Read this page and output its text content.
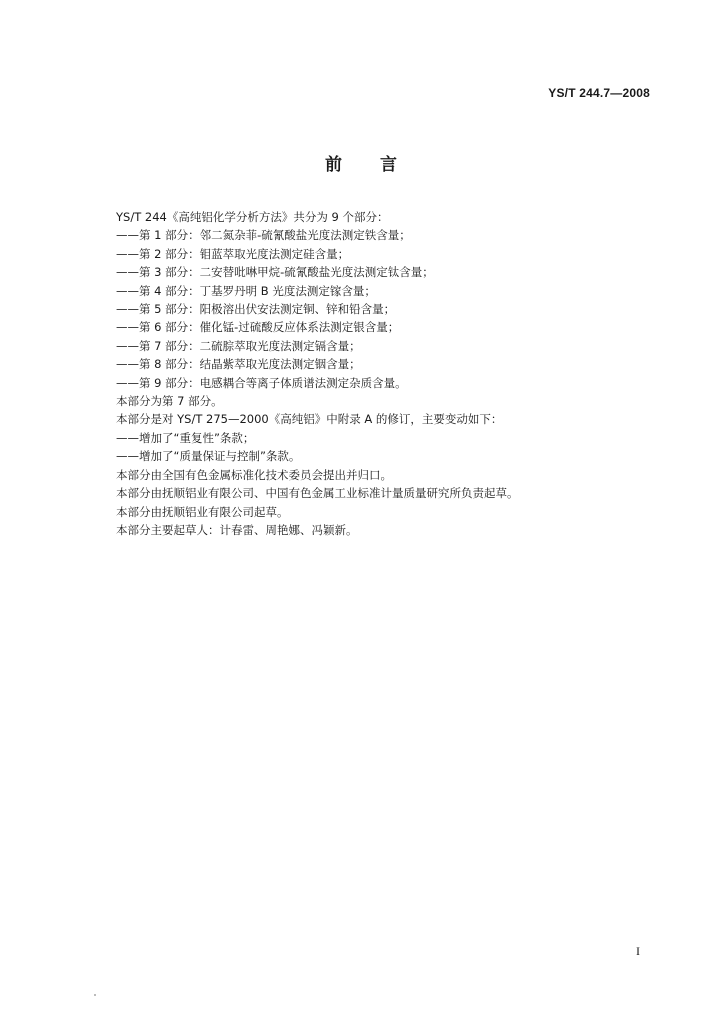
YS/T 244.7—2008
前言
YS/T 244《高纯铝化学分析方法》共分为 9 个部分：
——第 1 部分：邻二氮杂菲-硫氰酸盐光度法测定铁含量；
——第 2 部分：钼蓝萃取光度法测定硅含量；
——第 3 部分：二安替吡啉甲烷-硫氰酸盐光度法测定钛含量；
——第 4 部分：丁基罗丹明 B 光度法测定镓含量；
——第 5 部分：阳极溶出伏安法测定铜、锌和铅含量；
——第 6 部分：催化锰-过硫酸反应体系法测定银含量；
——第 7 部分：二硫腙萃取光度法测定镉含量；
——第 8 部分：结晶紫萃取光度法测定铟含量；
——第 9 部分：电感耦合等离子体质谱法测定杂质含量。
本部分为第 7 部分。
本部分是对 YS/T 275—2000《高纯铝》中附录 A 的修订，主要变动如下：
——增加了“重复性”条款；
——增加了“质量保证与控制”条款。
本部分由全国有色金属标准化技术委员会提出并归口。
本部分由抚顺铝业有限公司、中国有色金属工业标准计量质量研究所负责起草。
本部分由抚顺铝业有限公司起草。
本部分主要起草人：计春雷、周艳娜、冯颖新。
I
